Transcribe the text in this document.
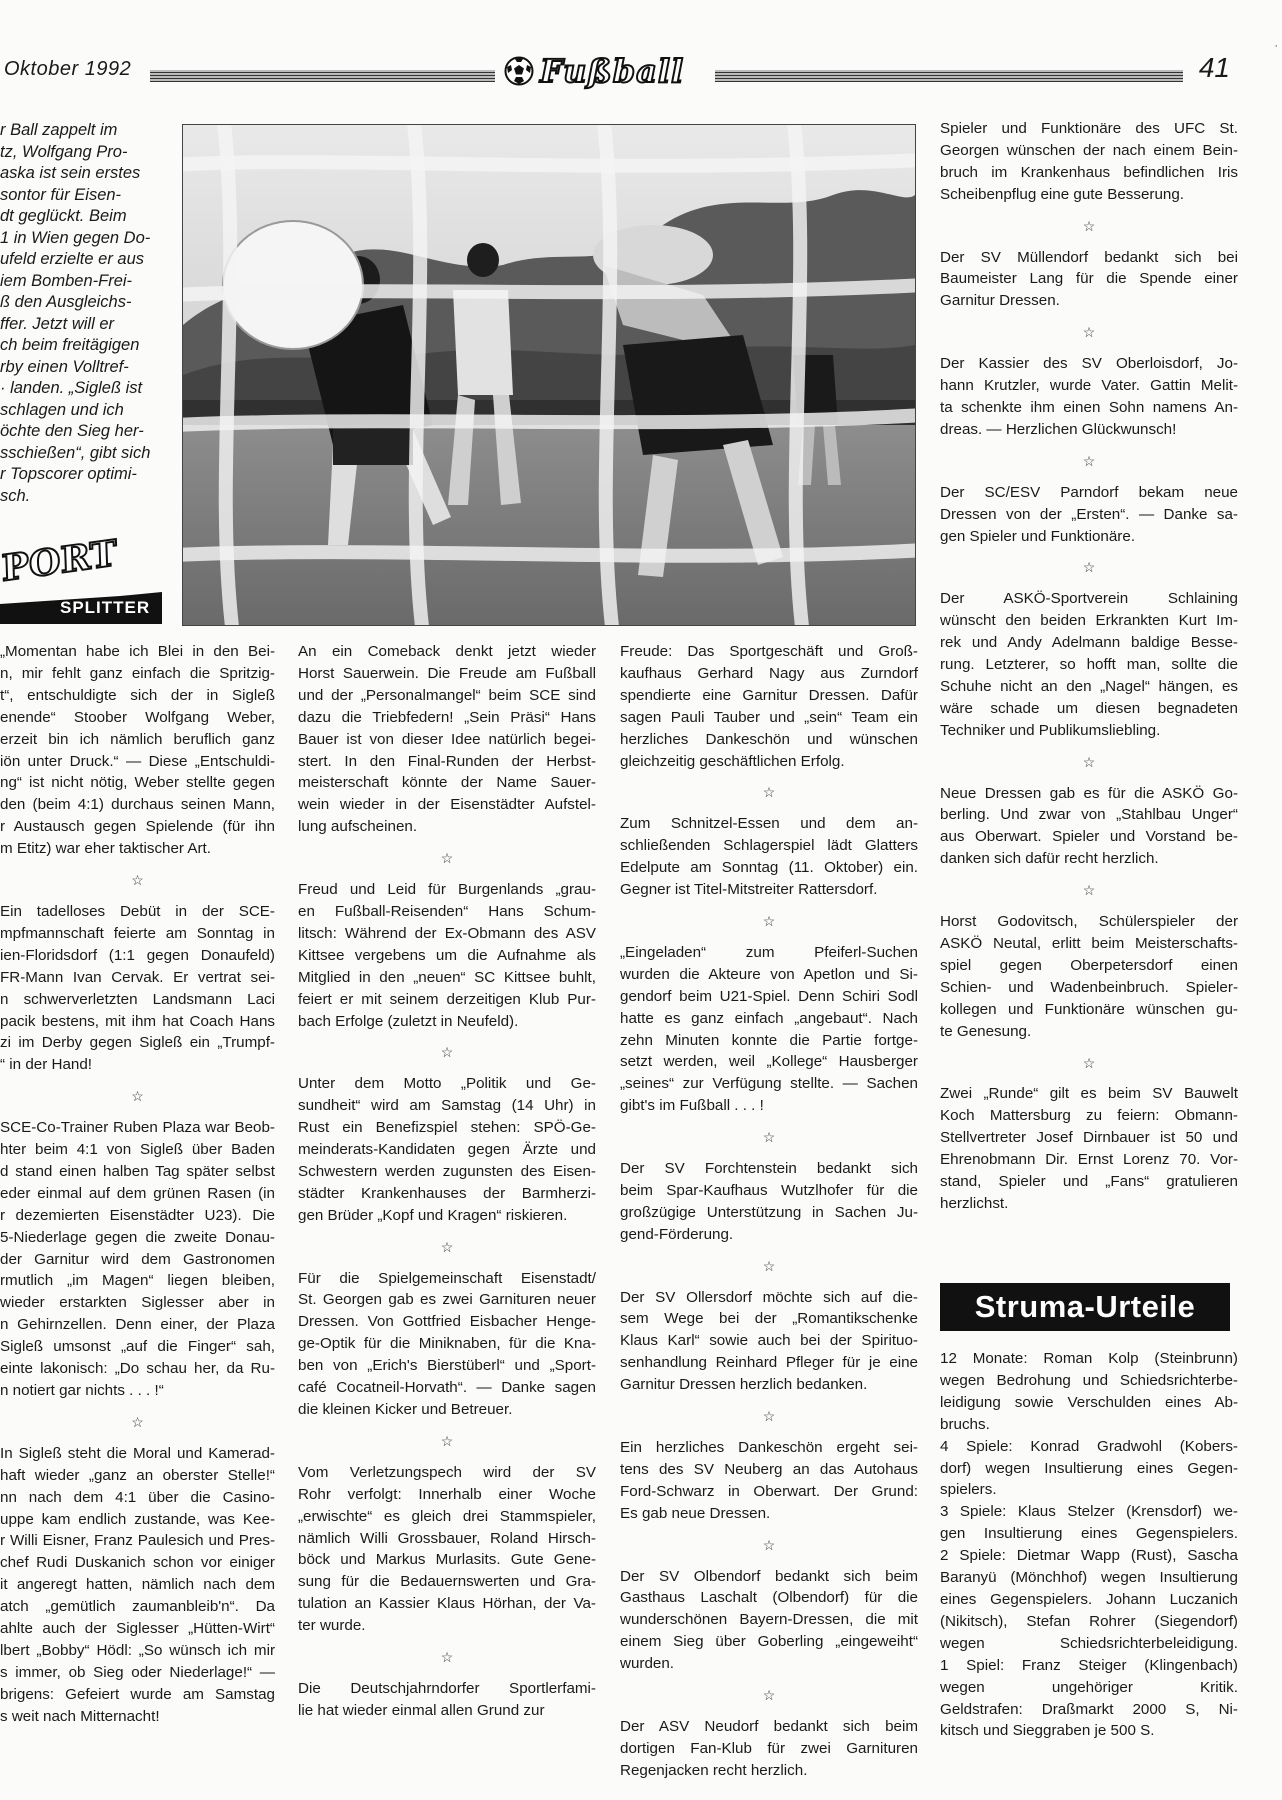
Oktober 1992	Fußball	41

r Ball zappelt im

tz, Wolfgang Pro-

aska ist sein erstes

sontor für Eisen-

dt geglückt. Beim

1 in Wien gegen Do-

ufeld erzielte er aus

iem Bomben-Frei-

ß den Ausgleichs-

ffer. Jetzt will er

ch beim freitägigen

rby einen Volltref-

· landen. „Sigleß ist

schlagen und ich

öchte den Sieg her-

sschießen“, gibt sich

r Topscorer optimi-

sch.

PORT
SPLITTER

„Momentan habe ich Blei in den Bei-

n, mir fehlt ganz einfach die Spritzig-

t“, entschuldigte sich der in Sigleß

enende“ Stoober Wolfgang Weber,

erzeit bin ich nämlich beruflich ganz

iön unter Druck.“ — Diese „Entschuldi-

ng“ ist nicht nötig, Weber stellte gegen

den (beim 4:1) durchaus seinen Mann,

r Austausch gegen Spielende (für ihn

m Etitz) war eher taktischer Art.

☆

Ein tadelloses Debüt in der SCE-

mpfmannschaft feierte am Sonntag in

ien-Floridsdorf (1:1 gegen Donaufeld)

FR-Mann Ivan Cervak. Er vertrat sei-

n schwerverletzten Landsmann Laci

pacik bestens, mit ihm hat Coach Hans

zi im Derby gegen Sigleß ein „Trumpf-

“ in der Hand!

☆

SCE-Co-Trainer Ruben Plaza war Beob-

hter beim 4:1 von Sigleß über Baden

d stand einen halben Tag später selbst

eder einmal auf dem grünen Rasen (in

r dezemierten Eisenstädter U23). Die

5-Niederlage gegen die zweite Donau-

der Garnitur wird dem Gastronomen

rmutlich „im Magen“ liegen bleiben,

wieder erstarkten Siglesser aber in

n Gehirnzellen. Denn einer, der Plaza

Sigleß umsonst „auf die Finger“ sah,

einte lakonisch: „Do schau her, da Ru-

n notiert gar nichts . . . !“

☆

In Sigleß steht die Moral und Kamerad-

haft wieder „ganz an oberster Stelle!“

nn nach dem 4:1 über die Casino-

uppe kam endlich zustande, was Kee-

r Willi Eisner, Franz Paulesich und Pres-

chef Rudi Duskanich schon vor einiger

it angeregt hatten, nämlich nach dem

atch „gemütlich zaumanbleib'n“. Da

ahlte auch der Siglesser „Hütten-Wirt“

lbert „Bobby“ Hödl: „So wünsch ich mir

s immer, ob Sieg oder Niederlage!“ —

brigens: Gefeiert wurde am Samstag

s weit nach Mitternacht!

An ein Comeback denkt jetzt wieder

Horst Sauerwein. Die Freude am Fußball

und der „Personalmangel“ beim SCE sind

dazu die Triebfedern! „Sein Präsi“ Hans

Bauer ist von dieser Idee natürlich begei-

stert. In den Final-Runden der Herbst-

meisterschaft könnte der Name Sauer-

wein wieder in der Eisenstädter Aufstel-

lung aufscheinen.

☆

Freud und Leid für Burgenlands „grau-

en Fußball-Reisenden“ Hans Schum-

litsch: Während der Ex-Obmann des ASV

Kittsee vergebens um die Aufnahme als

Mitglied in den „neuen“ SC Kittsee buhlt,

feiert er mit seinem derzeitigen Klub Pur-

bach Erfolge (zuletzt in Neufeld).

☆

Unter dem Motto „Politik und Ge-

sundheit“ wird am Samstag (14 Uhr) in

Rust ein Benefizspiel stehen: SPÖ-Ge-

meinderats-Kandidaten gegen Ärzte und

Schwestern werden zugunsten des Eisen-

städter Krankenhauses der Barmherzi-

gen Brüder „Kopf und Kragen“ riskieren.

☆

Für die Spielgemeinschaft Eisenstadt/

St. Georgen gab es zwei Garnituren neuer

Dressen. Von Gottfried Eisbacher Henge-

ge-Optik für die Miniknaben, für die Kna-

ben von „Erich's Bierstüberl“ und „Sport-

café Cocatneil-Horvath“. — Danke sagen

die kleinen Kicker und Betreuer.

☆

Vom Verletzungspech wird der SV

Rohr verfolgt: Innerhalb einer Woche

„erwischte“ es gleich drei Stammspieler,

nämlich Willi Grossbauer, Roland Hirsch-

böck und Markus Murlasits. Gute Gene-

sung für die Bedauernswerten und Gra-

tulation an Kassier Klaus Hörhan, der Va-

ter wurde.

☆

Die Deutschjahrndorfer Sportlerfami-

lie hat wieder einmal allen Grund zur

Freude: Das Sportgeschäft und Groß-

kaufhaus Gerhard Nagy aus Zurndorf

spendierte eine Garnitur Dressen. Dafür

sagen Pauli Tauber und „sein“ Team ein

herzliches Dankeschön und wünschen

gleichzeitig geschäftlichen Erfolg.

☆

Zum Schnitzel-Essen und dem an-

schließenden Schlagerspiel lädt Glatters

Edelpute am Sonntag (11. Oktober) ein.

Gegner ist Titel-Mitstreiter Rattersdorf.

☆

„Eingeladen“ zum Pfeiferl-Suchen

wurden die Akteure von Apetlon und Si-

gendorf beim U21-Spiel. Denn Schiri Sodl

hatte es ganz einfach „angebaut“. Nach

zehn Minuten konnte die Partie fortge-

setzt werden, weil „Kollege“ Hausberger

„seines“ zur Verfügung stellte. — Sachen

gibt's im Fußball . . . !

☆

Der SV Forchtenstein bedankt sich

beim Spar-Kaufhaus Wutzlhofer für die

großzügige Unterstützung in Sachen Ju-

gend-Förderung.

☆

Der SV Ollersdorf möchte sich auf die-

sem Wege bei der „Romantikschenke

Klaus Karl“ sowie auch bei der Spirituo-

senhandlung Reinhard Pfleger für je eine

Garnitur Dressen herzlich bedanken.

☆

Ein herzliches Dankeschön ergeht sei-

tens des SV Neuberg an das Autohaus

Ford-Schwarz in Oberwart. Der Grund:

Es gab neue Dressen.

☆

Der SV Olbendorf bedankt sich beim

Gasthaus Laschalt (Olbendorf) für die

wunderschönen Bayern-Dressen, die mit

einem Sieg über Goberling „eingeweiht“

wurden.

☆

Der ASV Neudorf bedankt sich beim

dortigen Fan-Klub für zwei Garnituren

Regenjacken recht herzlich.

Spieler und Funktionäre des UFC St.

Georgen wünschen der nach einem Bein-

bruch im Krankenhaus befindlichen Iris

Scheibenpflug eine gute Besserung.

☆

Der SV Müllendorf bedankt sich bei

Baumeister Lang für die Spende einer

Garnitur Dressen.

☆

Der Kassier des SV Oberloisdorf, Jo-

hann Krutzler, wurde Vater. Gattin Melit-

ta schenkte ihm einen Sohn namens An-

dreas. — Herzlichen Glückwunsch!

☆

Der SC/ESV Parndorf bekam neue

Dressen von der „Ersten“. — Danke sa-

gen Spieler und Funktionäre.

☆

Der ASKÖ-Sportverein Schlaining

wünscht den beiden Erkrankten Kurt Im-

rek und Andy Adelmann baldige Besse-

rung. Letzterer, so hofft man, sollte die

Schuhe nicht an den „Nagel“ hängen, es

wäre schade um diesen begnadeten

Techniker und Publikumsliebling.

☆

Neue Dressen gab es für die ASKÖ Go-

berling. Und zwar von „Stahlbau Unger“

aus Oberwart. Spieler und Vorstand be-

danken sich dafür recht herzlich.

☆

Horst Godovitsch, Schülerspieler der

ASKÖ Neutal, erlitt beim Meisterschafts-

spiel gegen Oberpetersdorf einen

Schien- und Wadenbeinbruch. Spieler-

kollegen und Funktionäre wünschen gu-

te Genesung.

☆

Zwei „Runde“ gilt es beim SV Bauwelt

Koch Mattersburg zu feiern: Obmann-

Stellvertreter Josef Dirnbauer ist 50 und

Ehrenobmann Dir. Ernst Lorenz 70. Vor-

stand, Spieler und „Fans“ gratulieren

herzlichst.

Struma-Urteile

12 Monate: Roman Kolp (Steinbrunn)

wegen Bedrohung und Schiedsrichterbe-

leidigung sowie Verschulden eines Ab-

bruchs.

4 Spiele: Konrad Gradwohl (Kobers-

dorf) wegen Insultierung eines Gegen-

spielers.

3 Spiele: Klaus Stelzer (Krensdorf) we-

gen Insultierung eines Gegenspielers.

2 Spiele: Dietmar Wapp (Rust), Sascha

Baranyü (Mönchhof) wegen Insultierung

eines Gegenspielers. Johann Luczanich

(Nikitsch), Stefan Rohrer (Siegendorf)

wegen Schiedsrichterbeleidigung.

1 Spiel: Franz Steiger (Klingenbach)

wegen ungehöriger Kritik.

Geldstrafen: Draßmarkt 2000 S, Ni-

kitsch und Sieggraben je 500 S.

·
